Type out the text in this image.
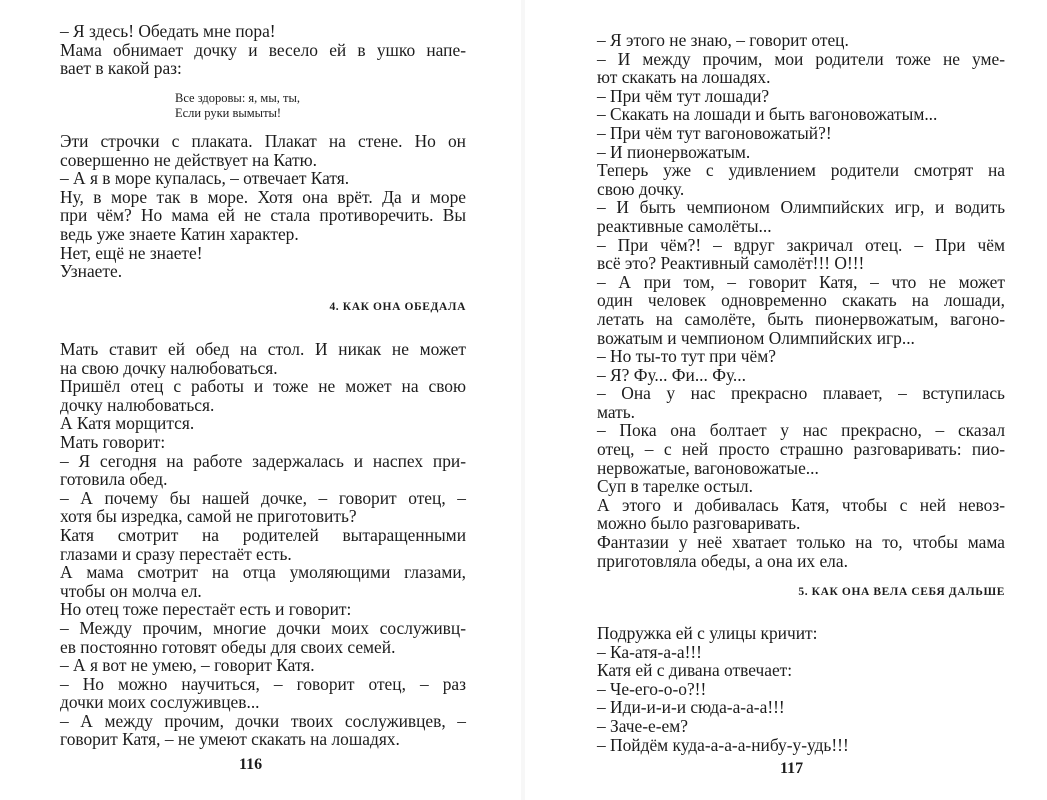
– Я здесь! Обедать мне пора!
Мама обнимает дочку и весело ей в ушко напе-
вает в какой раз:
Все здоровы: я, мы, ты,
Если руки вымыты!
Эти строчки с плаката. Плакат на стене. Но он
совершенно не действует на Катю.
– А я в море купалась, – отвечает Катя.
Ну, в море так в море. Хотя она врёт. Да и море
при чём? Но мама ей не стала противоречить. Вы
ведь уже знаете Катин характер.
Нет, ещё не знаете!
Узнаете.
4. КАК ОНА ОБЕДАЛА
Мать ставит ей обед на стол. И никак не может
на свою дочку налюбоваться.
Пришёл отец с работы и тоже не может на свою
дочку налюбоваться.
А Катя морщится.
Мать говорит:
– Я сегодня на работе задержалась и наспех при-
готовила обед.
– А почему бы нашей дочке, – говорит отец, –
хотя бы изредка, самой не приготовить?
Катя смотрит на родителей вытаращенными
глазами и сразу перестаёт есть.
А мама смотрит на отца умоляющими глазами,
чтобы он молча ел.
Но отец тоже перестаёт есть и говорит:
– Между прочим, многие дочки моих сослуживц-
ев постоянно готовят обеды для своих семей.
– А я вот не умею, – говорит Катя.
– Но можно научиться, – говорит отец, – раз
дочки моих сослуживцев...
– А между прочим, дочки твоих сослуживцев, –
говорит Катя, – не умеют скакать на лошадях.
116
– Я этого не знаю, – говорит отец.
– И между прочим, мои родители тоже не уме-
ют скакать на лошадях.
– При чём тут лошади?
– Скакать на лошади и быть вагоновожатым...
– При чём тут вагоновожатый?!
– И пионервожатым.
Теперь уже с удивлением родители смотрят на
свою дочку.
– И быть чемпионом Олимпийских игр, и водить
реактивные самолёты...
– При чём?! – вдруг закричал отец. – При чём
всё это? Реактивный самолёт!!! О!!!
– А при том, – говорит Катя, – что не может
один человек одновременно скакать на лошади,
летать на самолёте, быть пионервожатым, вагоно-
вожатым и чемпионом Олимпийских игр...
– Но ты-то тут при чём?
– Я? Фу... Фи... Фу...
– Она у нас прекрасно плавает, – вступилась
мать.
– Пока она болтает у нас прекрасно, – сказал
отец, – с ней просто страшно разговаривать: пио-
нервожатые, вагоновожатые...
Суп в тарелке остыл.
А этого и добивалась Катя, чтобы с ней невоз-
можно было разговаривать.
Фантазии у неё хватает только на то, чтобы мама
приготовляла обеды, а она их ела.
5. КАК ОНА ВЕЛА СЕБЯ ДАЛЬШЕ
Подружка ей с улицы кричит:
– Ка-атя-а-а!!!
Катя ей с дивана отвечает:
– Че-его-о-о?!!
– Иди-и-и-и сюда-а-а-а!!!
– Заче-е-ем?
– Пойдём куда-а-а-а-нибу-у-удь!!!
117
